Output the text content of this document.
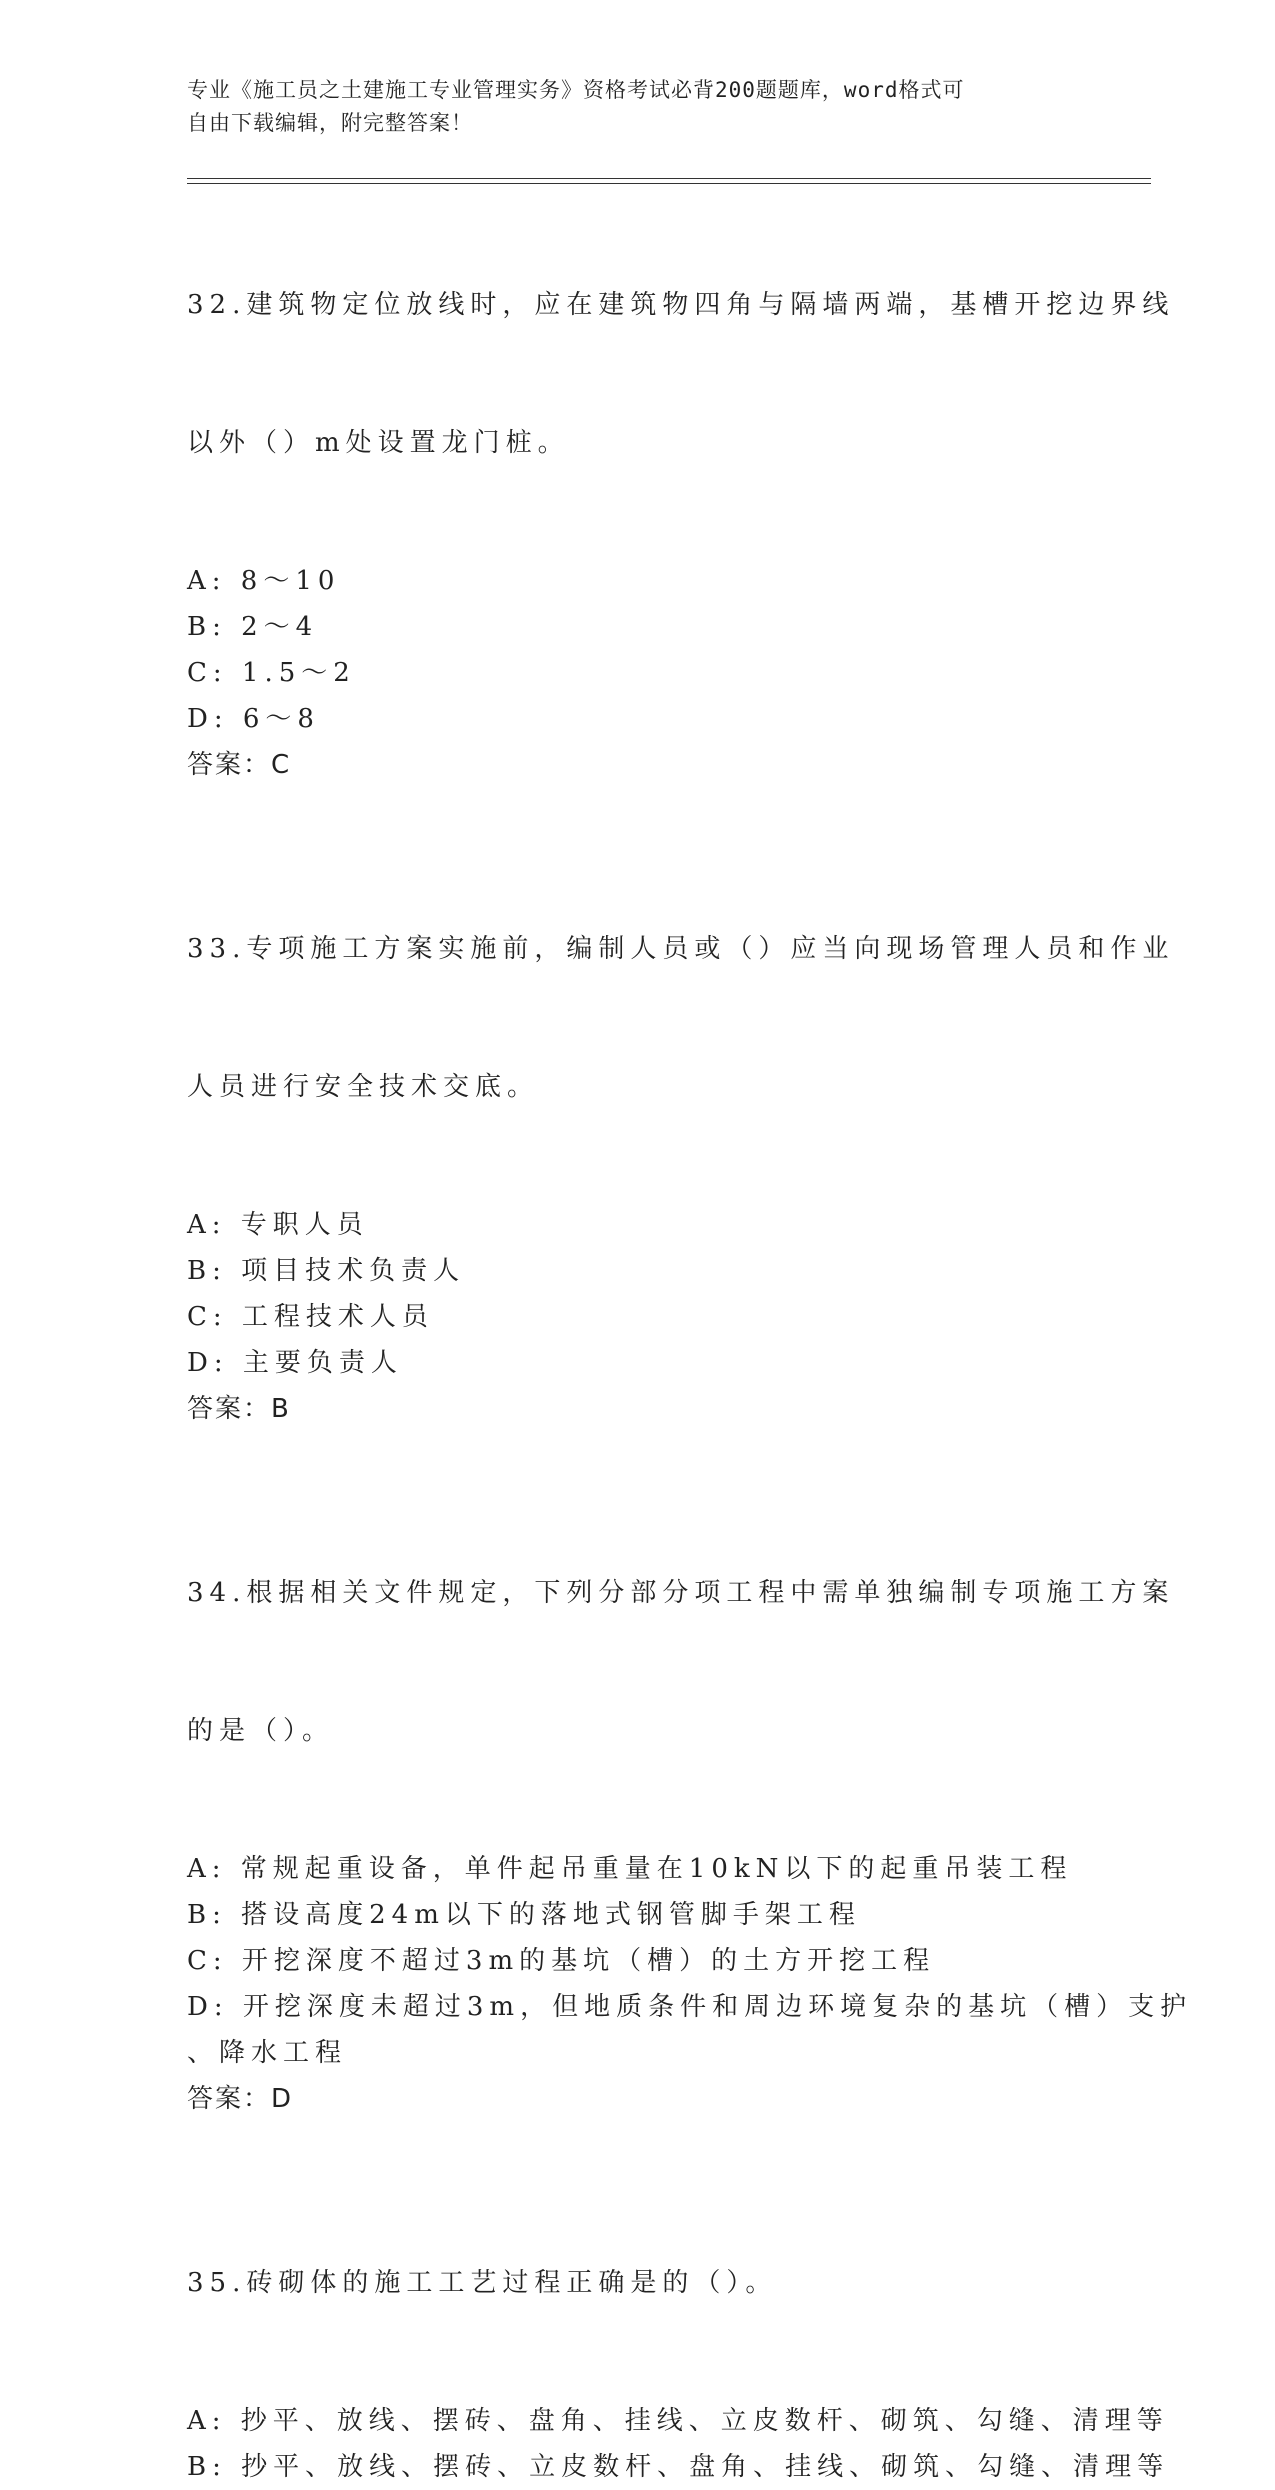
专业《施工员之土建施工专业管理实务》资格考试必背200题题库，word格式可
自由下载编辑，附完整答案！

32.建筑物定位放线时，应在建筑物四角与隔墙两端，基槽开挖边界线

以外（）m处设置龙门桩。

A: 8～10
B: 2～4
C: 1.5～2
D: 6～8
答案：C

33.专项施工方案实施前，编制人员或（）应当向现场管理人员和作业

人员进行安全技术交底。

A: 专职人员
B: 项目技术负责人
C: 工程技术人员
D: 主要负责人
答案：B

34.根据相关文件规定，下列分部分项工程中需单独编制专项施工方案

的是（）。

A: 常规起重设备，单件起吊重量在10kN以下的起重吊装工程
B: 搭设高度24m以下的落地式钢管脚手架工程
C: 开挖深度不超过3m的基坑（槽）的土方开挖工程
D: 开挖深度未超过3m，但地质条件和周边环境复杂的基坑（槽）支护
、降水工程
答案：D

35.砖砌体的施工工艺过程正确是的（）。

A: 抄平、放线、摆砖、盘角、挂线、立皮数杆、砌筑、勾缝、清理等
B: 抄平、放线、摆砖、立皮数杆、盘角、挂线、砌筑、勾缝、清理等
